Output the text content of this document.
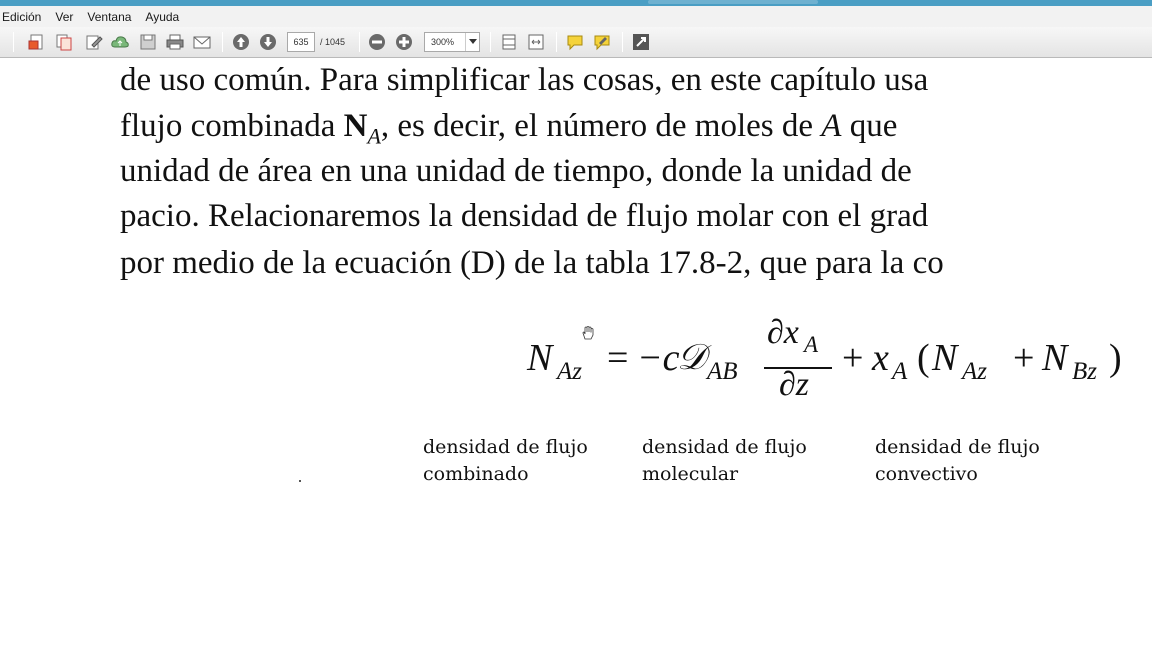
Edición Ver Ventana Ayuda
635	/ 1045	300%
de uso común. Para simplificar las cosas, en este capítulo usa
flujo combinada $N_A$, es decir, el número de moles de A que
unidad de área en una unidad de tiempo, donde la unidad de
pacio. Relacionaremos la densidad de flujo molar con el grad
por medio de la ecuación (D) de la tabla 17.8-2, que para la co
N Az = −c
𝒟 AB
∂x A
∂z
+ x A ( N Az + N Bz )
densidad de flujo
combinado
densidad de flujo
molecular
densidad de flujo
convectivo
